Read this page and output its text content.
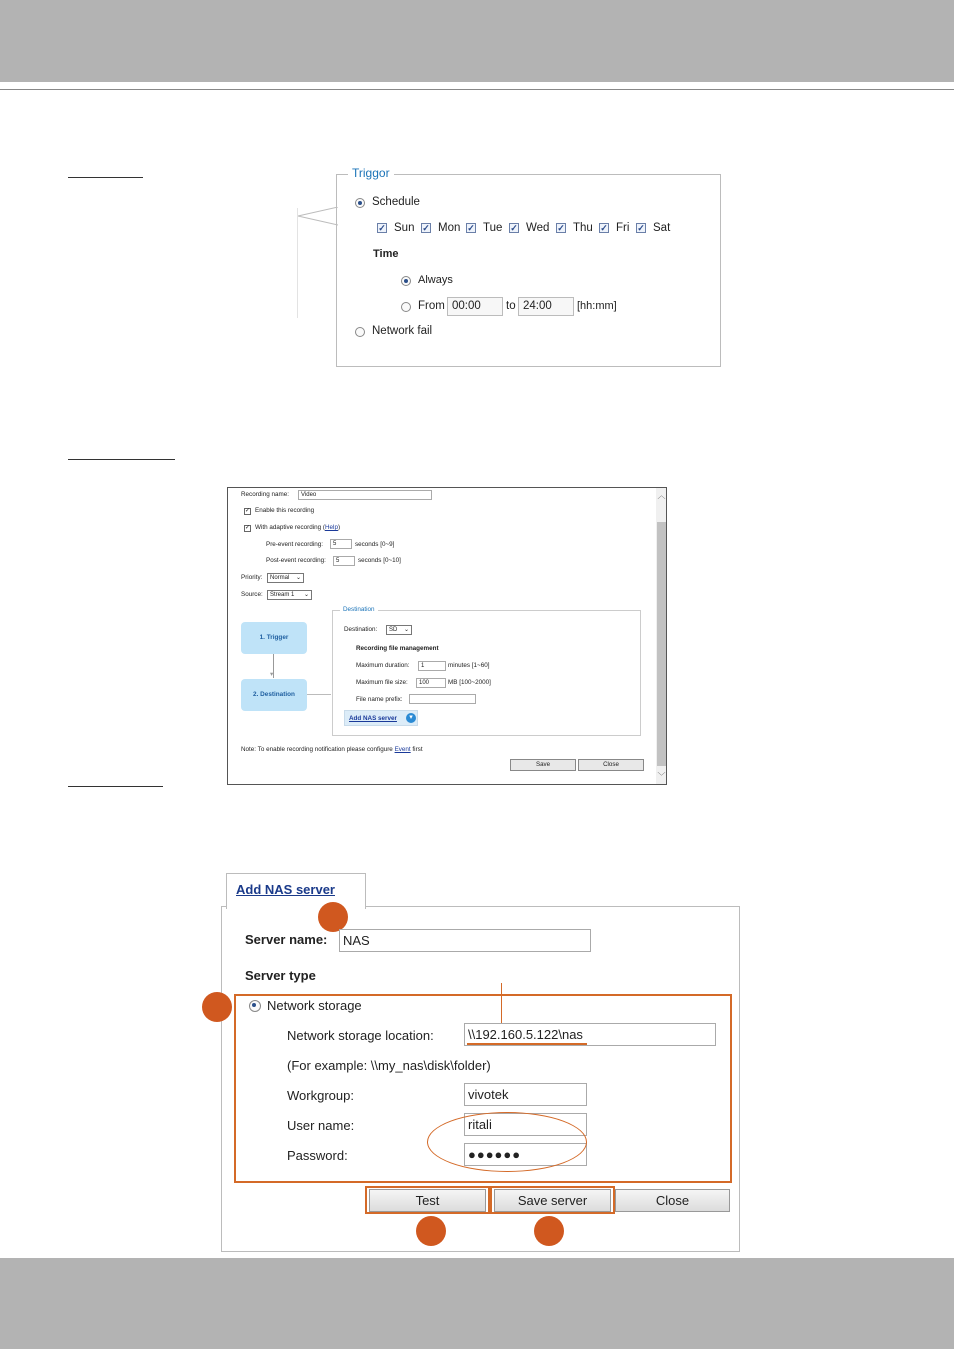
Triggor
Schedule
✓ Sun ✓ Mon ✓ Tue ✓ Wed ✓ Thu ✓ Fri ✓ Sat
Time
Always
From 00:00	to 24:00	[hh:mm]
Network fail
Recording name:	Video
✓ Enable this recording
✓ With adaptive recording (Help)
Pre-event recording:	5	seconds [0~9]
Post-event recording:	5	seconds [0~10]
Priority:	Normal ⌄
Source:	Stream 1 ⌄
1. Trigger
▾
2. Destination
Destination
Destination:	SD ⌄
Recording file management
Maximum duration:	1	minutes [1~60]
Maximum file size:	100	MB [100~2000]
File name prefix:
Add NAS server	▾
Note: To enable recording notification please configure Event first
Save	Close
︿
﹀
Add NAS server
Server name:	NAS
Server type
Network storage
Network storage location:	\\192.160.5.122\nas
(For example: \\my_nas\disk\folder)
Workgroup:	vivotek
User name:	ritali
Password:	●●●●●●
Test	Save server	Close
